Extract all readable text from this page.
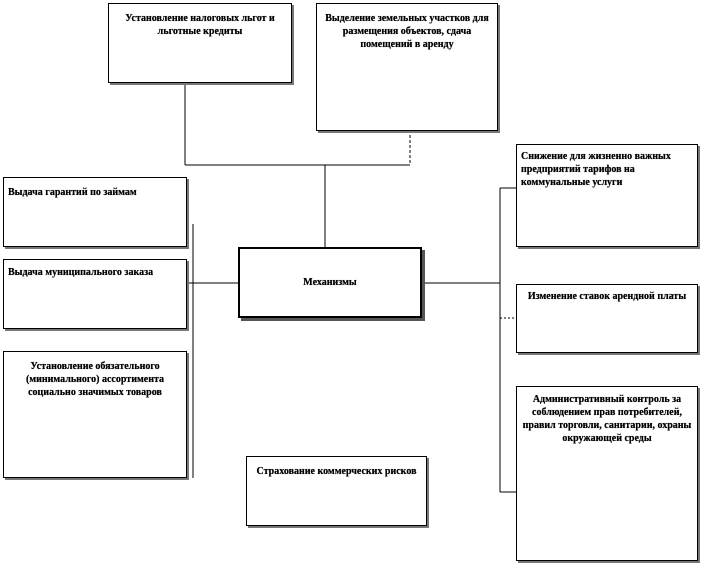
Механизмы
Установление налоговых льгот и льготные кредиты
Выделение земельных участков для размещения объектов, сдача помещений в аренду
Выдача гарантий по займам
Выдача муниципального заказа
Установление обязательного (минимального) ассортимента социально значимых товаров
Страхование коммерческих рисков
Снижение для жизненно важных предприятий тарифов на коммунальные услуги
Изменение ставок арендной платы
Административный контроль за соблюдением прав потребителей, правил торговли, санитарии, охраны окружающей среды
